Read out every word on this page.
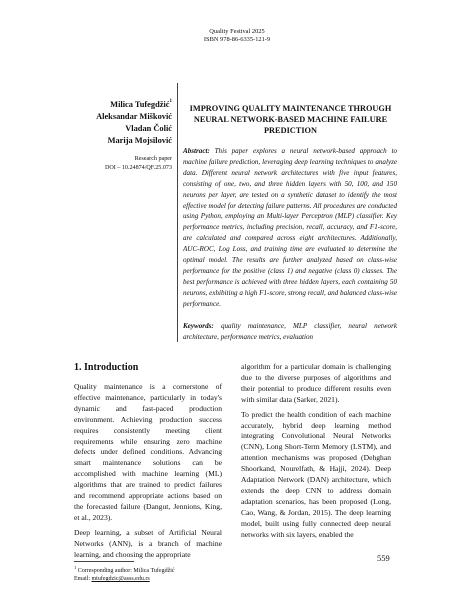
Quality Festival 2025
ISBN 978-86-6335-121-9
Milica Tufegdžić$^1$
Aleksandar Mišković
Vladan Čolić
Marija Mojsilović
Research paper
DOI – 10.24874/QF.25.073
IMPROVING QUALITY MAINTENANCE THROUGH NEURAL NETWORK-BASED MACHINE FAILURE PREDICTION
Abstract: This paper explores a neural network-based approach to machine failure prediction, leveraging deep learning techniques to analyze data. Different neural network architectures with five input features, consisting of one, two, and three hidden layers with 50, 100, and 150 neurons per layer, are tested on a synthetic dataset to identify the most effective model for detecting failure patterns. All procedures are conducted using Python, employing an Multi-layer Perceptron (MLP) classifier. Key performance metrics, including precision, recall, accuracy, and F1-score, are calculated and compared across eight architectures. Additionally, AUC-ROC, Log Loss, and training time are evaluated to determine the optimal model. The results are further analyzed based on class-wise performance for the positive (class 1) and negative (class 0) classes. The best performance is achieved with three hidden layers, each containing 50 neurons, exhibiting a high F1-score, strong recall, and balanced class-wise performance.
Keywords: quality maintenance, MLP classifier, neural network architecture, performance metrics, evaluation
1. Introduction

Quality maintenance is a cornerstone of effective maintenance, particularly in today's dynamic and fast-paced production environment. Achieving production success requires consistently meeting client requirements while ensuring zero machine defects under defined conditions. Advancing smart maintenance solutions can be accomplished with machine learning (ML) algorithms that are trained to predict failures and recommend appropriate actions based on the forecasted failure (Dangut, Jennions, King, et al., 2023).

Deep learning, a subset of Artificial Neural Networks (ANN), is a branch of machine learning, and choosing the appropriate

algorithm for a particular domain is challenging due to the diverse purposes of algorithms and their potential to produce different results even with similar data (Sarker, 2021).

To predict the health condition of each machine accurately, hybrid deep learning method integrating Convolutional Neural Networks (CNN), Long Short-Term Memory (LSTM), and attention mechanisms was proposed (Dehghan Shoorkand, Nourelfath, & Hajji, 2024). Deep Adaptation Network (DAN) architecture, which extends the deep CNN to address domain adaptation scenarios, has been proposed (Long, Cao, Wang, & Jordan, 2015). The deep learning model, built using fully connected deep neural networks with six layers, enabled the

$^1$ Corresponding author: Milica Tufegdžić
Email: mtufegdzic@asss.edu.rs
559
